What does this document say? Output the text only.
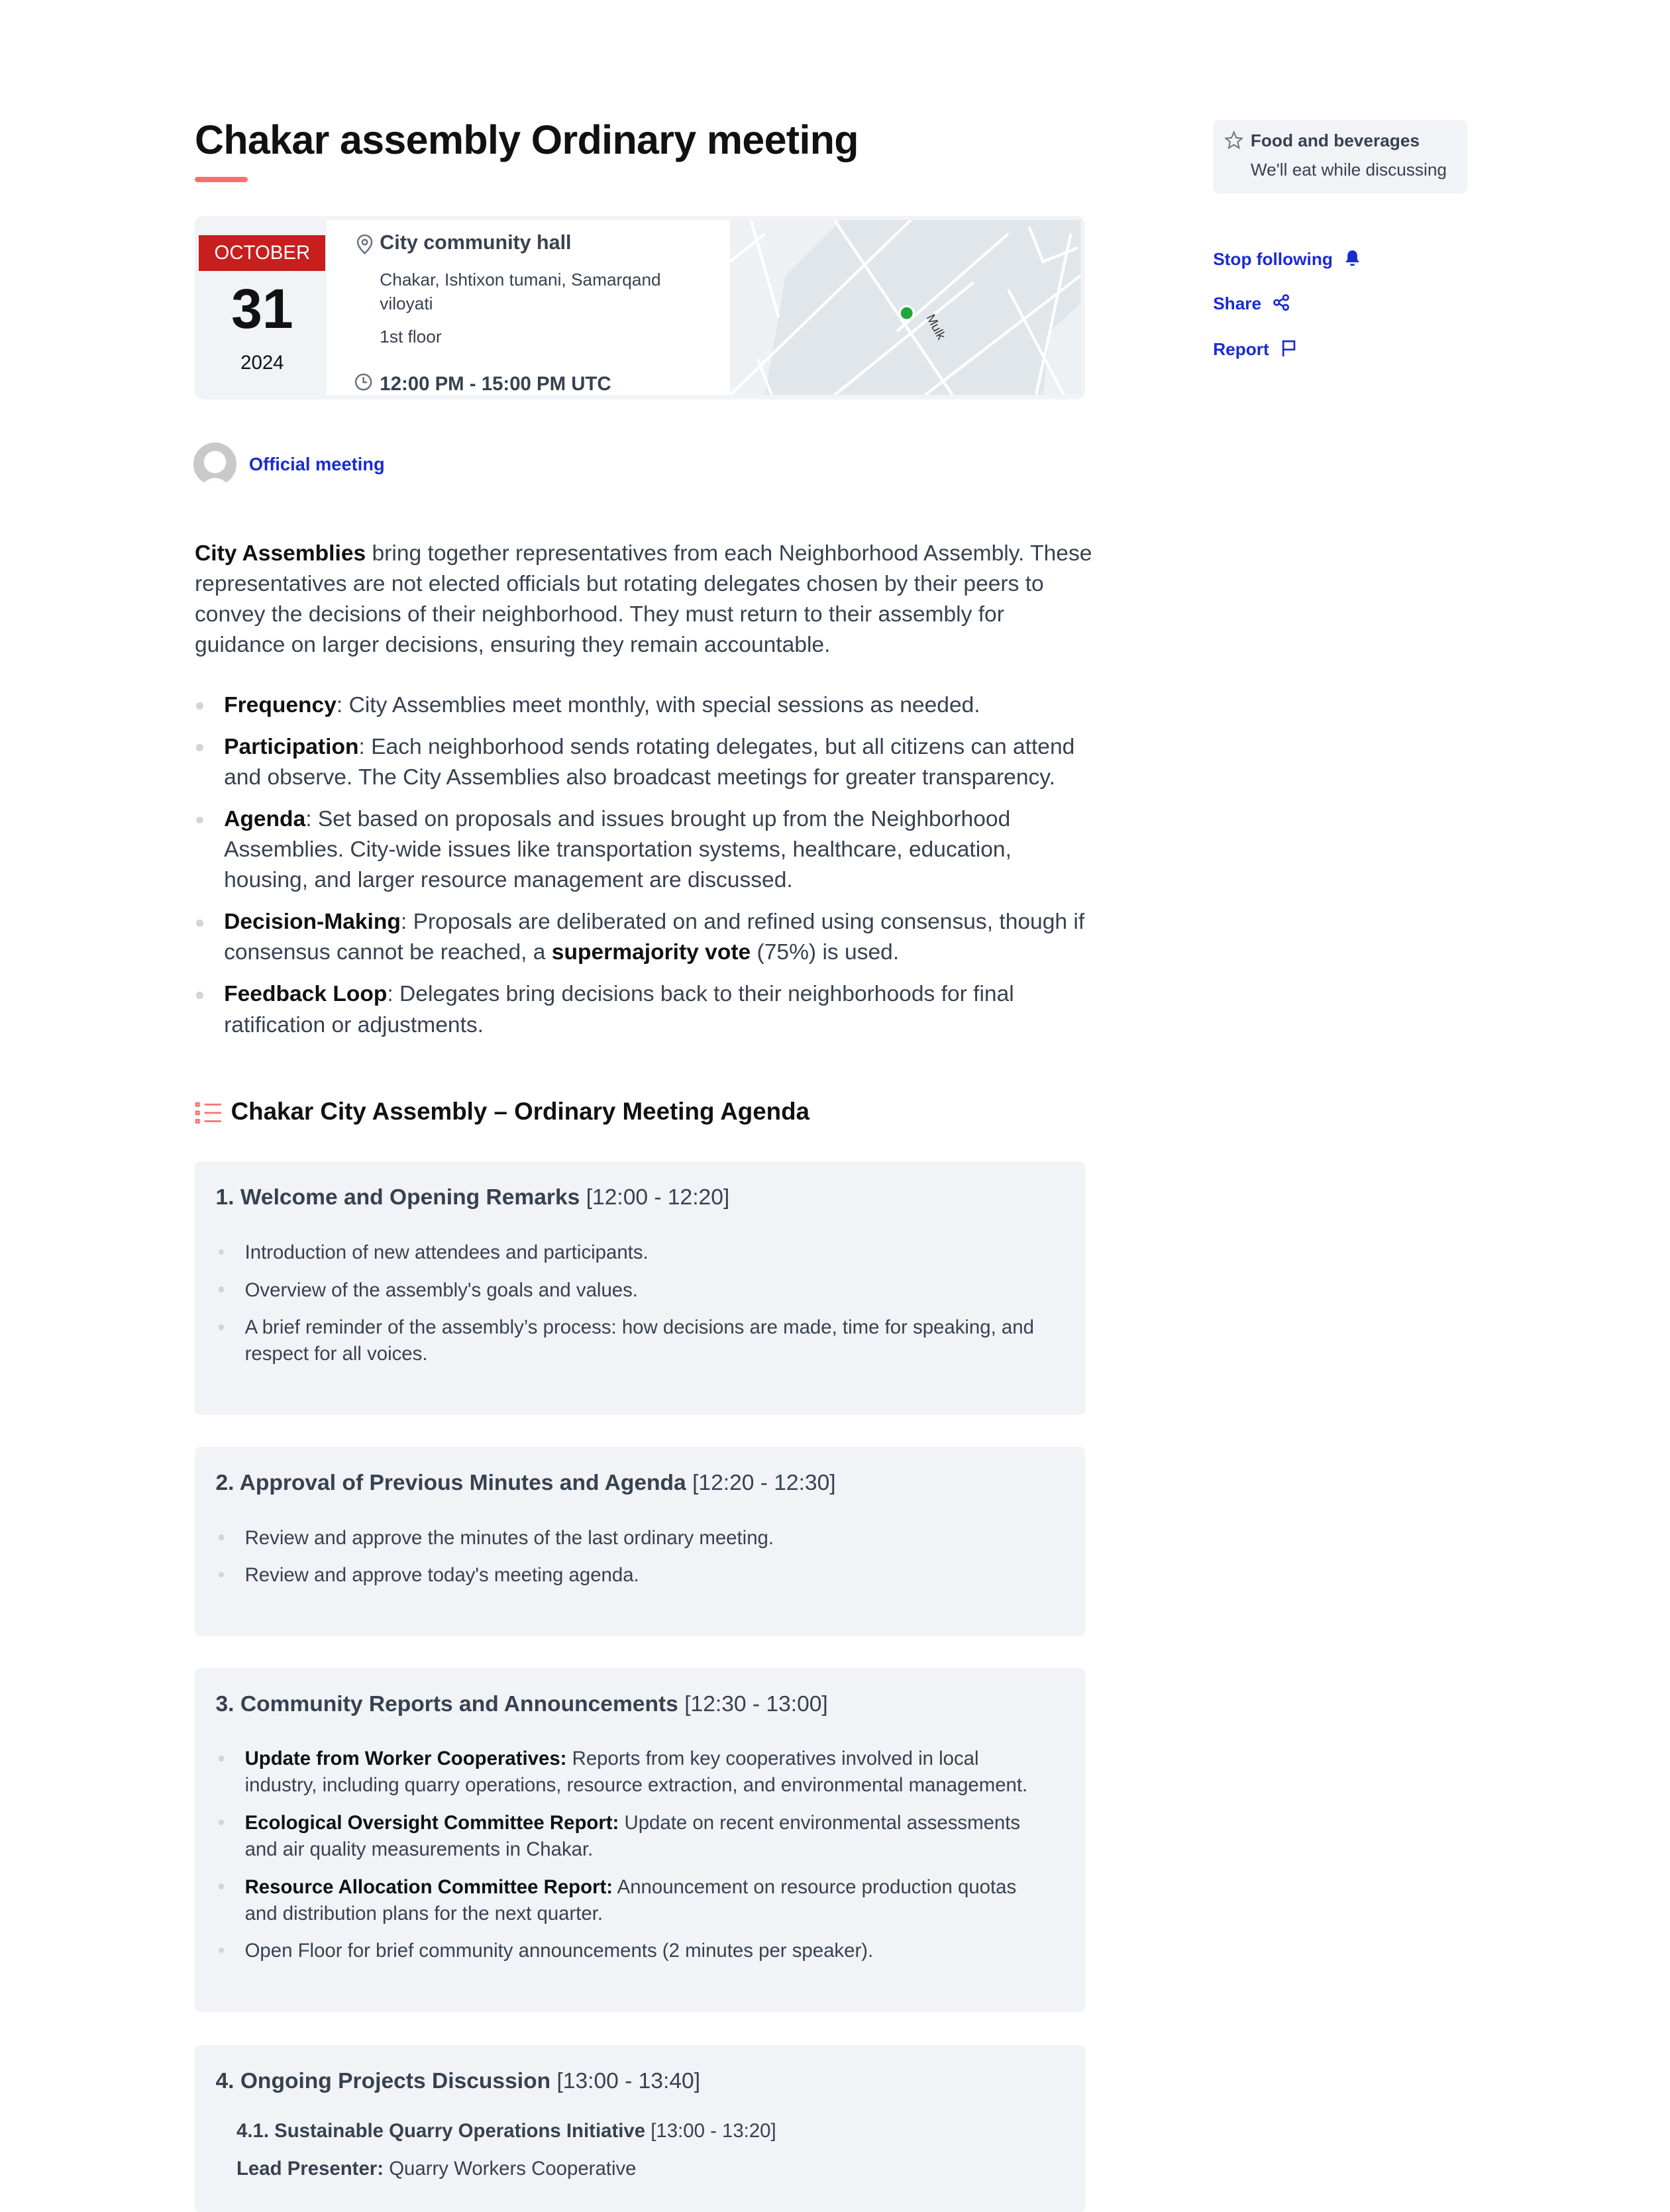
Chakar assembly Ordinary meeting
OCTOBER
31
2024
City community hall
Chakar, Ishtixon tumani, Samarqand viloyati
1st floor
12:00 PM - 15:00 PM UTC
Mulk
Official meeting

City Assemblies bring together representatives from each Neighborhood Assembly. These representatives are not elected officials but rotating delegates chosen by their peers to convey the decisions of their neighborhood. They must return to their assembly for guidance on larger decisions, ensuring they remain accountable.

Frequency: City Assemblies meet monthly, with special sessions as needed.
Participation: Each neighborhood sends rotating delegates, but all citizens can attend and observe. The City Assemblies also broadcast meetings for greater transparency.
Agenda: Set based on proposals and issues brought up from the Neighborhood Assemblies. City-wide issues like transportation systems, healthcare, education, housing, and larger resource management are discussed.
Decision-Making: Proposals are deliberated on and refined using consensus, though if consensus cannot be reached, a supermajority vote (75%) is used.
Feedback Loop: Delegates bring decisions back to their neighborhoods for final ratification or adjustments.
Chakar City Assembly – Ordinary Meeting Agenda
1. Welcome and Opening Remarks [12:00 - 12:20]
Introduction of new attendees and participants.
Overview of the assembly's goals and values.
A brief reminder of the assembly’s process: how decisions are made, time for speaking, and respect for all voices.
2. Approval of Previous Minutes and Agenda [12:20 - 12:30]
Review and approve the minutes of the last ordinary meeting.
Review and approve today's meeting agenda.
3. Community Reports and Announcements [12:30 - 13:00]
Update from Worker Cooperatives: Reports from key cooperatives involved in local industry, including quarry operations, resource extraction, and environmental management.
Ecological Oversight Committee Report: Update on recent environmental assessments and air quality measurements in Chakar.
Resource Allocation Committee Report: Announcement on resource production quotas and distribution plans for the next quarter.
Open Floor for brief community announcements (2 minutes per speaker).
4. Ongoing Projects Discussion [13:00 - 13:40]
4.1. Sustainable Quarry Operations Initiative [13:00 - 13:20]
Lead Presenter: Quarry Workers Cooperative
Food and beverages
We'll eat while discussing
Stop following
Share
Report
